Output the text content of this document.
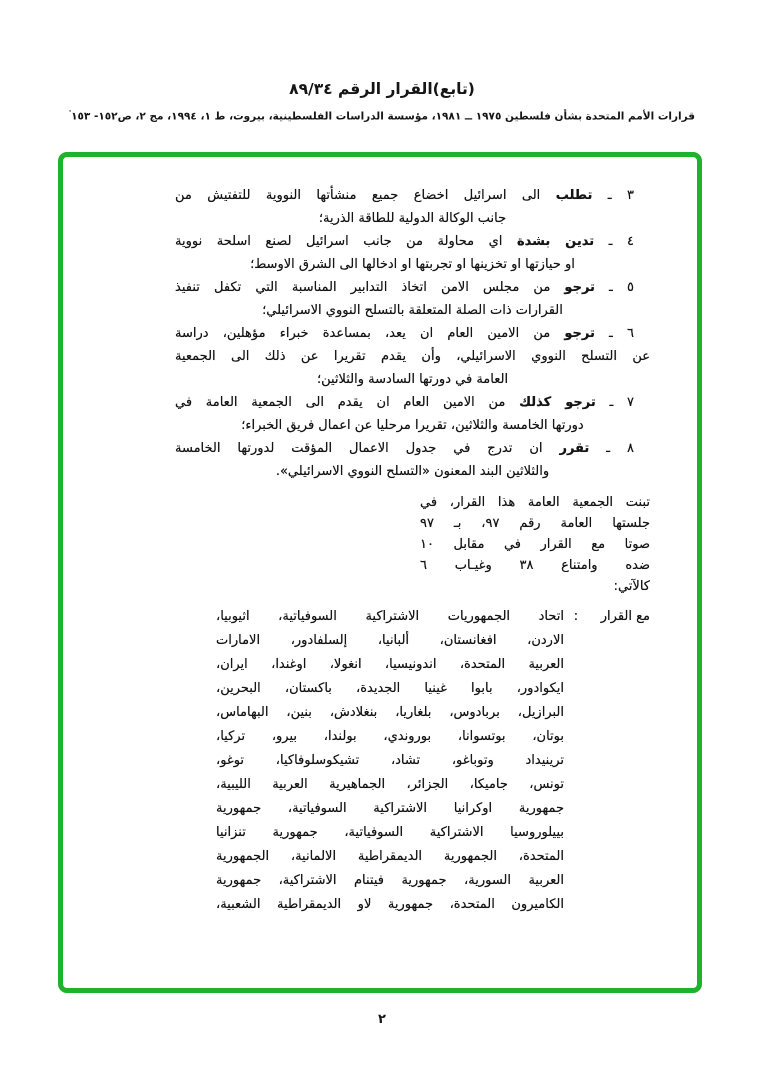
(تابع)القرار الرقم ٨٩/٣٤
قرارات الأمم المتحدة بشأن فلسطين ١٩٧٥ ــ ١٩٨١، مؤسسة الدراسات الفلسطينية، بيروت، ط ١، ١٩٩٤، مج ٢، ص١٥٢- ١٥٣'
٣ ـ تطلب الى اسرائيل اخضاع جميع منشأتها النووية للتفتيش من
جانب الوكالة الدولية للطاقة الذرية؛
٤ ـ تدين بشدة اي محاولة من جانب اسرائيل لصنع اسلحة نووية
او حيازتها او تخزينها او تجربتها او ادخالها الى الشرق الاوسط؛
٥ ـ ترجو من مجلس الامن اتخاذ التدابير المناسبة التي تكفل تنفيذ
القرارات ذات الصلة المتعلقة بالتسلح النووي الاسرائيلي؛
٦ ـ ترجو من الامين العام ان يعد، بمساعدة خبراء مؤهلين، دراسة
عن التسلح النووي الاسرائيلي، وأن يقدم تقريرا عن ذلك الى الجمعية
العامة في دورتها السادسة والثلاثين؛
٧ ـ ترجو كذلك من الامين العام ان يقدم الى الجمعية العامة في
دورتها الخامسة والثلاثين، تقريرا مرحليا عن اعمال فريق الخبراء؛
٨ ـ تقرر ان تدرج في جدول الاعمال المؤقت لدورتها الخامسة
والثلاثين البند المعنون «التسلح النووي الاسرائيلي».
تبنت الجمعية العامة هذا القرار، في
جلستها العامة رقم ٩٧، بـ ٩٧
صوتا مع القرار في مقابل ١٠
ضده وامتناع ٣٨ وغيـاب ٦
كالآتي:
مع القرار
:
اتحاد الجمهوريات الاشتراكية السوفياتية، اثيوبيا،
الاردن، افغانستان، ألبانيا، إلسلفادور، الامارات
العربية المتحدة، اندونيسيا، انغولا، اوغندا، ايران،
ايكوادور، بابوا غينيا الجديدة، باكستان، البحرين،
البرازيل، بربادوس، بلغاريا، بنغلادش، بنين، البهاماس،
بوتان، بوتسوانا، بوروندي، بولندا، بيرو، تركيا،
ترينيداد وتوباغو، تشاد، تشيكوسلوفاكيا، توغو،
تونس، جاميكا، الجزائر، الجماهيرية العربية الليبية،
جمهورية اوكرانيا الاشتراكية السوفياتية، جمهورية
بييلوروسيا الاشتراكية السوفياتية، جمهورية تنزانيا
المتحدة، الجمهورية الديمقراطية الالمانية، الجمهورية
العربية السورية، جمهورية فيتنام الاشتراكية، جمهورية
الكاميرون المتحدة، جمهورية لاو الديمقراطية الشعبية،
٢
